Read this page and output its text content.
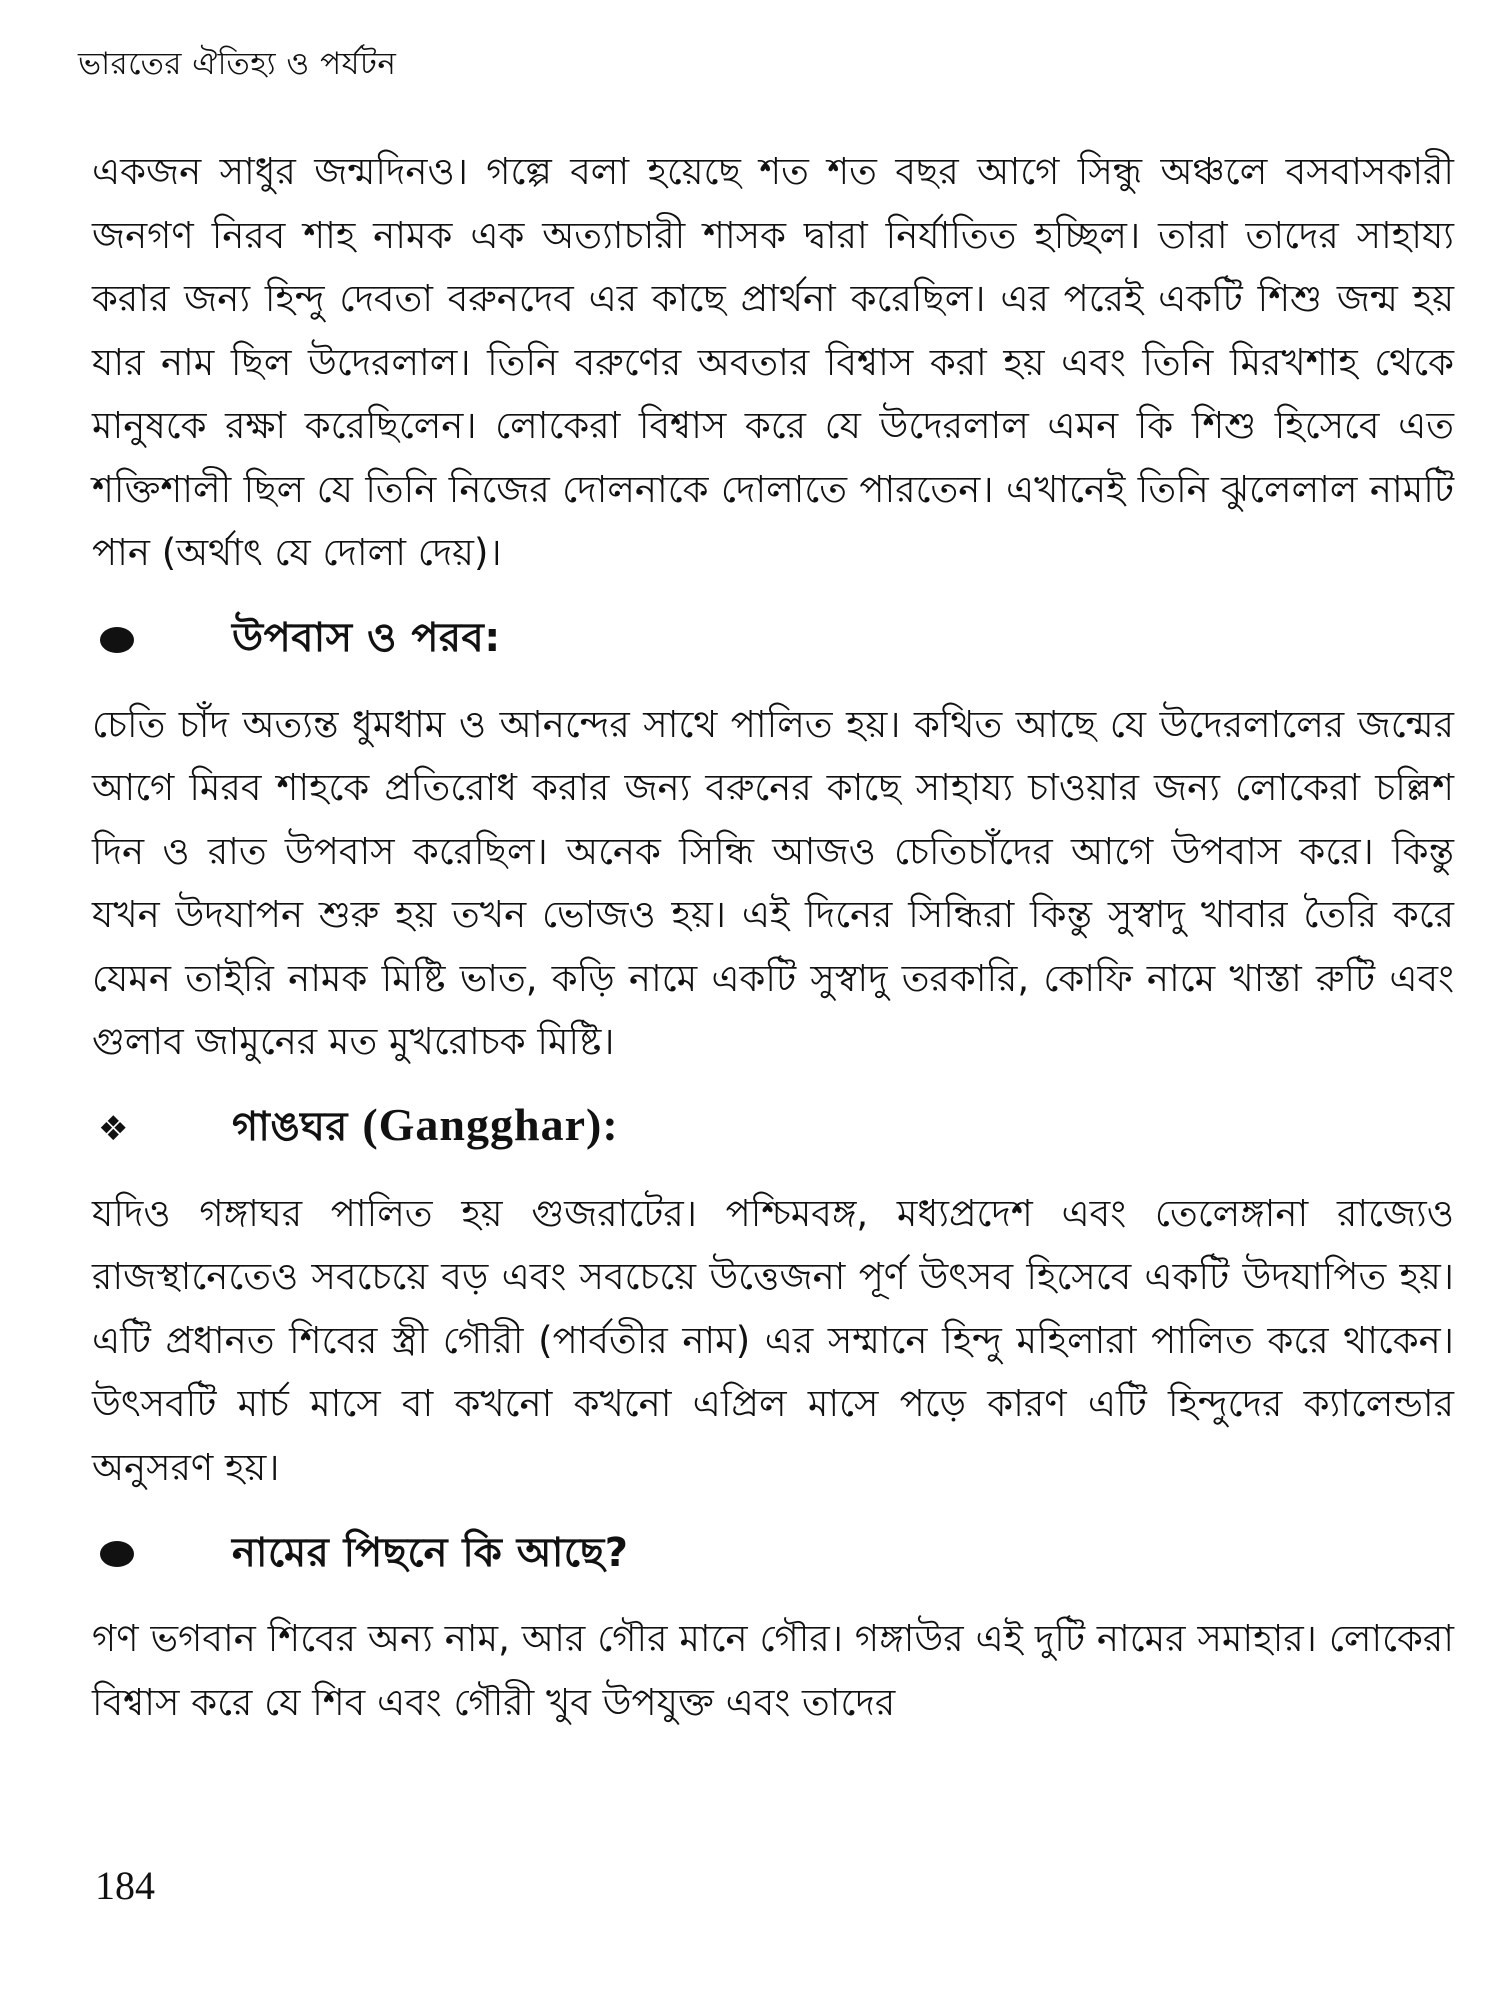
ভারতের ঐতিহ্য ও পর্যটন

একজন সাধুর জন্মদিনও। গল্পে বলা হয়েছে শত শত বছর আগে সিন্ধু অঞ্চলে বসবাসকারী জনগণ নিরব শাহ নামক এক অত্যাচারী শাসক দ্বারা নির্যাতিত হচ্ছিল। তারা তাদের সাহায্য করার জন্য হিন্দু দেবতা বরুনদেব এর কাছে প্রার্থনা করেছিল। এর পরেই একটি শিশু জন্ম হয় যার নাম ছিল উদেরলাল। তিনি বরুণের অবতার বিশ্বাস করা হয় এবং তিনি মিরখশাহ থেকে মানুষকে রক্ষা করেছিলেন। লোকেরা বিশ্বাস করে যে উদেরলাল এমন কি শিশু হিসেবে এত শক্তিশালী ছিল যে তিনি নিজের দোলনাকে দোলাতে পারতেন। এখানেই তিনি ঝুলেলাল নামটি পান (অর্থাৎ যে দোলা দেয়)।

উপবাস ও পরব:

চেতি চাঁদ অত্যন্ত ধুমধাম ও আনন্দের সাথে পালিত হয়। কথিত আছে যে উদেরলালের জন্মের আগে মিরব শাহকে প্রতিরোধ করার জন্য বরুনের কাছে সাহায্য চাওয়ার জন্য লোকেরা চল্লিশ দিন ও রাত উপবাস করেছিল। অনেক সিন্ধি আজও চেতিচাঁদের আগে উপবাস করে। কিন্তু যখন উদযাপন শুরু হয় তখন ভোজও হয়। এই দিনের সিন্ধিরা কিন্তু সুস্বাদু খাবার তৈরি করে যেমন তাইরি নামক মিষ্টি ভাত, কড়ি নামে একটি সুস্বাদু তরকারি, কোফি নামে খাস্তা রুটি এবং গুলাব জামুনের মত মুখরোচক মিষ্টি।

❖	গাঙঘর (Gangghar):

যদিও গঙ্গাঘর পালিত হয় গুজরাটের। পশ্চিমবঙ্গ, মধ্যপ্রদেশ এবং তেলেঙ্গানা রাজ্যেও রাজস্থানেতেও সবচেয়ে বড় এবং সবচেয়ে উত্তেজনা পূর্ণ উৎসব হিসেবে একটি উদযাপিত হয়। এটি প্রধানত শিবের স্ত্রী গৌরী (পার্বতীর নাম) এর সম্মানে হিন্দু মহিলারা পালিত করে থাকেন। উৎসবটি মার্চ মাসে বা কখনো কখনো এপ্রিল মাসে পড়ে কারণ এটি হিন্দুদের ক্যালেন্ডার অনুসরণ হয়।

নামের পিছনে কি আছে?

গণ ভগবান শিবের অন্য নাম, আর গৌর মানে গৌর। গঙ্গাউর এই দুটি নামের সমাহার। লোকেরা বিশ্বাস করে যে শিব এবং গৌরী খুব উপযুক্ত এবং তাদের

184
